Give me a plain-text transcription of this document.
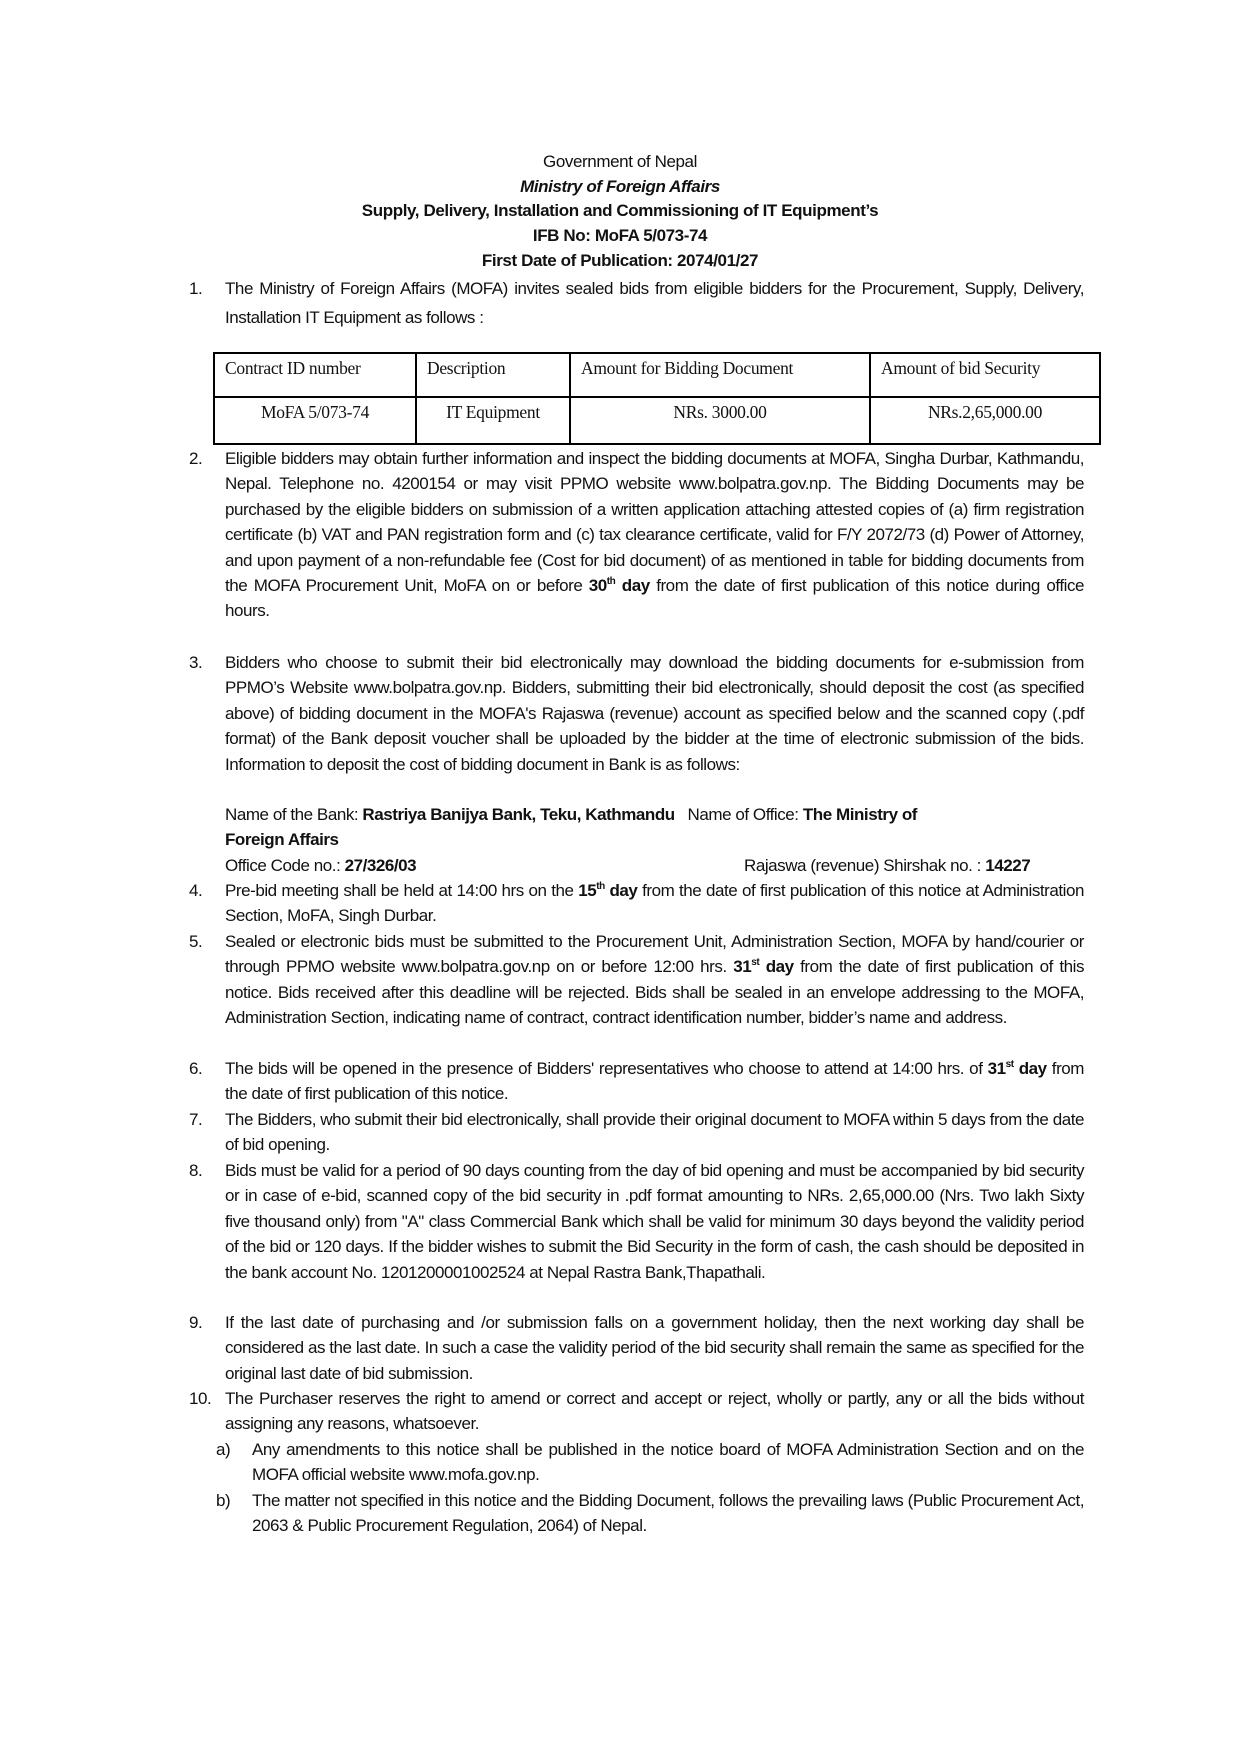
Government of Nepal
Ministry of Foreign Affairs
Supply, Delivery, Installation and Commissioning of IT Equipment’s
IFB No: MoFA 5/073-74
First Date of Publication: 2074/01/27
1.	The Ministry of Foreign Affairs (MOFA) invites sealed bids from eligible bidders for the Procurement, Supply, Delivery, Installation IT Equipment as follows :
Contract ID number	Description	Amount for Bidding Document	Amount of bid Security
MoFA 5/073-74	IT Equipment	NRs. 3000.00	NRs.2,65,000.00
2.	Eligible bidders may obtain further information and inspect the bidding documents at MOFA, Singha Durbar, Kathmandu, Nepal. Telephone no. 4200154 or may visit PPMO website www.bolpatra.gov.np. The Bidding Documents may be purchased by the eligible bidders on submission of a written application attaching attested copies of (a) firm registration certificate (b) VAT and PAN registration form and (c) tax clearance certificate, valid for F/Y 2072/73 (d) Power of Attorney, and upon payment of a non-refundable fee (Cost for bid document) of as mentioned in table for bidding documents from the MOFA Procurement Unit, MoFA on or before 30th day from the date of first publication of this notice during office hours.
3.	Bidders who choose to submit their bid electronically may download the bidding documents for e-submission from PPMO’s Website www.bolpatra.gov.np. Bidders, submitting their bid electronically, should deposit the cost (as specified above) of bidding document in the MOFA's Rajaswa (revenue) account as specified below and the scanned copy (.pdf format) of the Bank deposit voucher shall be uploaded by the bidder at the time of electronic submission of the bids. Information to deposit the cost of bidding document in Bank is as follows:
Name of the Bank: Rastriya Banijya Bank, Teku, Kathmandu Name of Office: The Ministry of
Foreign Affairs
Office Code no.: 27/326/03	Rajaswa (revenue) Shirshak no. : 14227
4.	Pre-bid meeting shall be held at 14:00 hrs on the 15th day from the date of first publication of this notice at Administration Section, MoFA, Singh Durbar.
5.	Sealed or electronic bids must be submitted to the Procurement Unit, Administration Section, MOFA by hand/courier or through PPMO website www.bolpatra.gov.np on or before 12:00 hrs. 31st day from the date of first publication of this notice. Bids received after this deadline will be rejected. Bids shall be sealed in an envelope addressing to the MOFA, Administration Section, indicating name of contract, contract identification number, bidder’s name and address.
6.	The bids will be opened in the presence of Bidders' representatives who choose to attend at 14:00 hrs. of 31st day from the date of first publication of this notice.
7.	The Bidders, who submit their bid electronically, shall provide their original document to MOFA within 5 days from the date of bid opening.
8.	Bids must be valid for a period of 90 days counting from the day of bid opening and must be accompanied by bid security or in case of e-bid, scanned copy of the bid security in .pdf format amounting to NRs. 2,65,000.00 (Nrs. Two lakh Sixty five thousand only) from "A" class Commercial Bank which shall be valid for minimum 30 days beyond the validity period of the bid or 120 days. If the bidder wishes to submit the Bid Security in the form of cash, the cash should be deposited in the bank account No. 1201200001002524 at Nepal Rastra Bank,Thapathali.
9.	If the last date of purchasing and /or submission falls on a government holiday, then the next working day shall be considered as the last date. In such a case the validity period of the bid security shall remain the same as specified for the original last date of bid submission.
10. The Purchaser reserves the right to amend or correct and accept or reject, wholly or partly, any or all the bids without assigning any reasons, whatsoever.
a)	Any amendments to this notice shall be published in the notice board of MOFA Administration Section and on the MOFA official website www.mofa.gov.np.
b)	The matter not specified in this notice and the Bidding Document, follows the prevailing laws (Public Procurement Act, 2063 & Public Procurement Regulation, 2064) of Nepal.
